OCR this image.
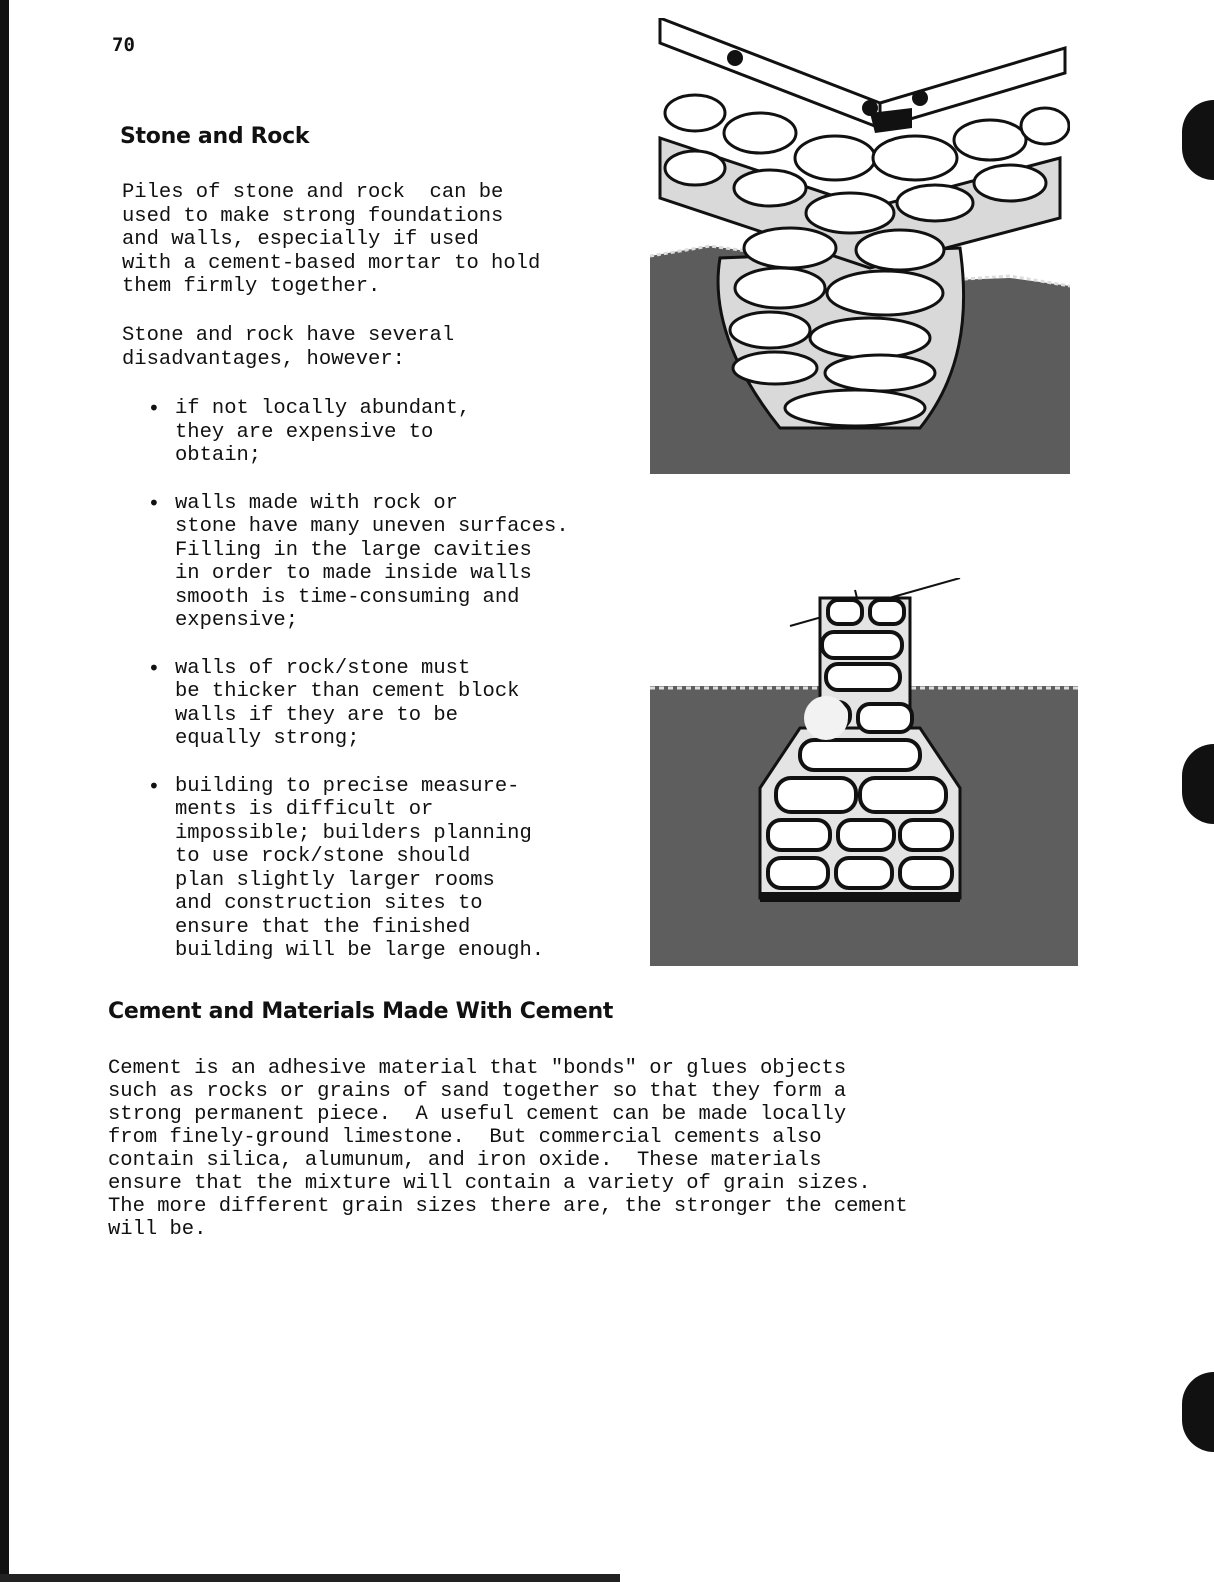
70
Stone and Rock

Piles of stone and rock  can be
used to make strong foundations
and walls, especially if used
with a cement-based mortar to hold
them firmly together.

Stone and rock have several
disadvantages, however:

• if not locally abundant,
they are expensive to
obtain;
• walls made with rock or
stone have many uneven surfaces.
Filling in the large cavities
in order to made inside walls
smooth is time-consuming and
expensive;
• walls of rock/stone must
be thicker than cement block
walls if they are to be
equally strong;
• building to precise measure-
ments is difficult or
impossible; builders planning
to use rock/stone should
plan slightly larger rooms
and construction sites to
ensure that the finished
building will be large enough.
Cement and Materials Made With Cement

Cement is an adhesive material that "bonds" or glues objects
such as rocks or grains of sand together so that they form a
strong permanent piece.  A useful cement can be made locally
from finely-ground limestone.  But commercial cements also
contain silica, alumunum, and iron oxide.  These materials
ensure that the mixture will contain a variety of grain sizes.
The more different grain sizes there are, the stronger the cement
will be.
